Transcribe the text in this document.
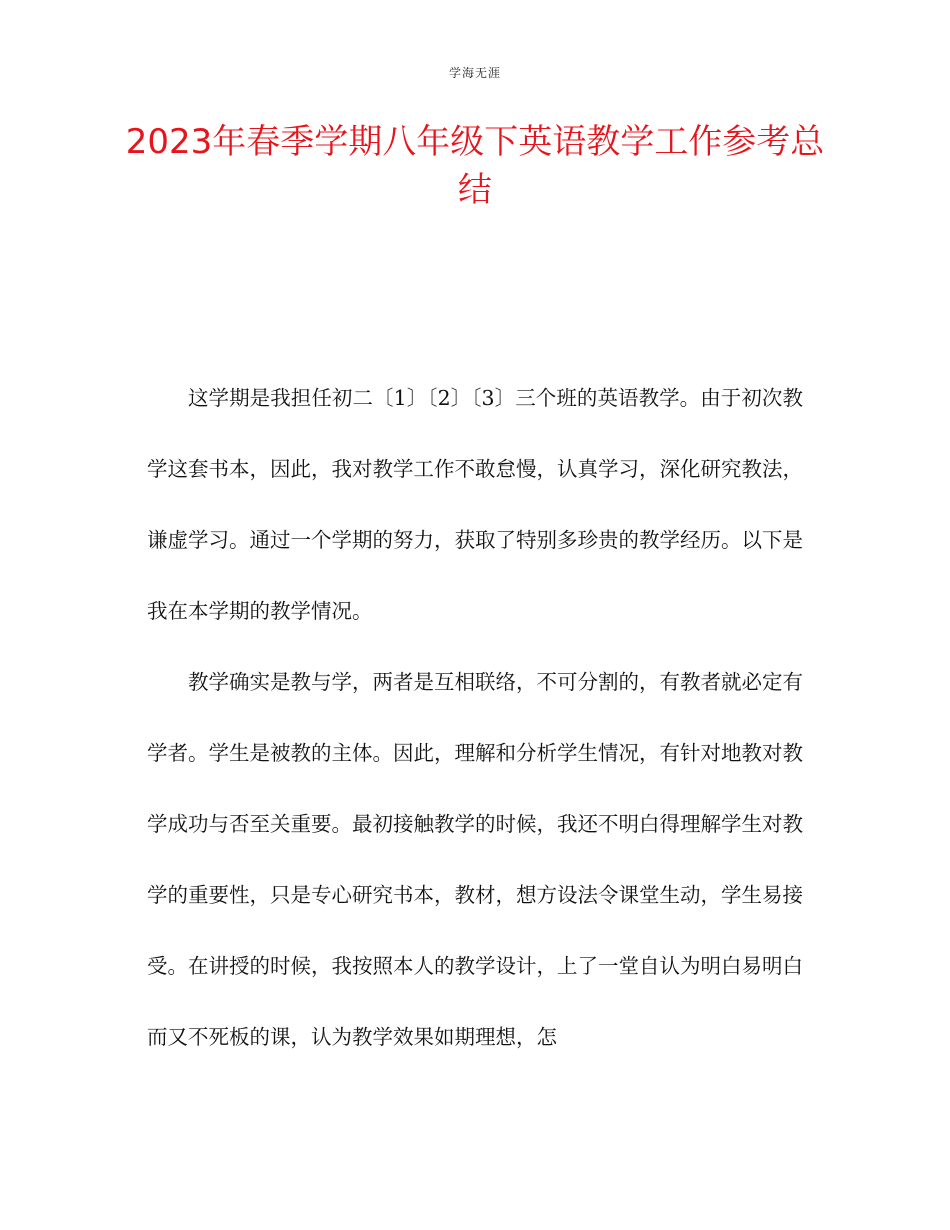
学海无涯
2023年春季学期八年级下英语教学工作参考总结

这学期是我担任初二〔1〕〔2〕〔3〕三个班的英语教学。由于初次教学这套书本，因此，我对教学工作不敢怠慢，认真学习，深化研究教法，谦虚学习。通过一个学期的努力，获取了特别多珍贵的教学经历。以下是我在本学期的教学情况。

教学确实是教与学，两者是互相联络，不可分割的，有教者就必定有学者。学生是被教的主体。因此，理解和分析学生情况，有针对地教对教学成功与否至关重要。最初接触教学的时候，我还不明白得理解学生对教学的重要性，只是专心研究书本，教材，想方设法令课堂生动，学生易接受。在讲授的时候，我按照本人的教学设计，上了一堂自认为明白易明白而又不死板的课，认为教学效果如期理想，怎
